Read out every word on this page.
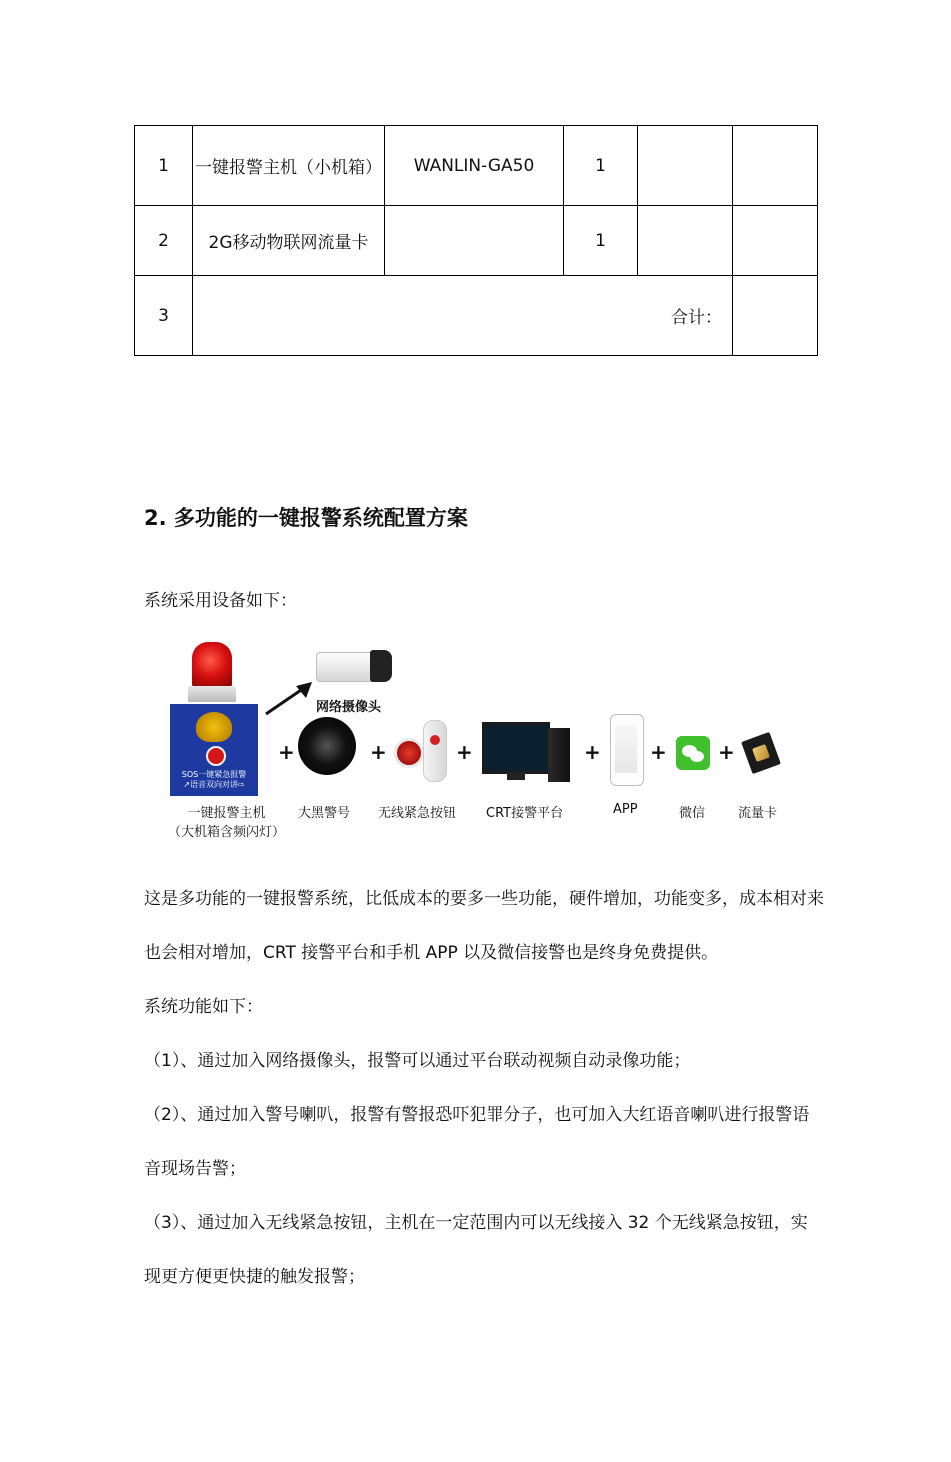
1	一键报警主机（小机箱）	WANLIN-GA50	1		
2	2G移动物联网流量卡		1		
3	合计：				
2. 多功能的一键报警系统配置方案
系统采用设备如下：
SOS一键紧急报警
↗语音双向对讲⇨
网络摄像头
+	+	+	+ +	+
一键报警主机
（大机箱含频闪灯）
大黑警号 无线紧急按钮 CRT接警平台	APP	微信	流量卡
这是多功能的一键报警系统，比低成本的要多一些功能，硬件增加，功能变多，成本相对来
也会相对增加，CRT 接警平台和手机 APP 以及微信接警也是终身免费提供。
系统功能如下：
（1）、通过加入网络摄像头，报警可以通过平台联动视频自动录像功能；
（2）、通过加入警号喇叭，报警有警报恐吓犯罪分子，也可加入大红语音喇叭进行报警语
音现场告警；
（3）、通过加入无线紧急按钮，主机在一定范围内可以无线接入 32 个无线紧急按钮，实
现更方便更快捷的触发报警；
